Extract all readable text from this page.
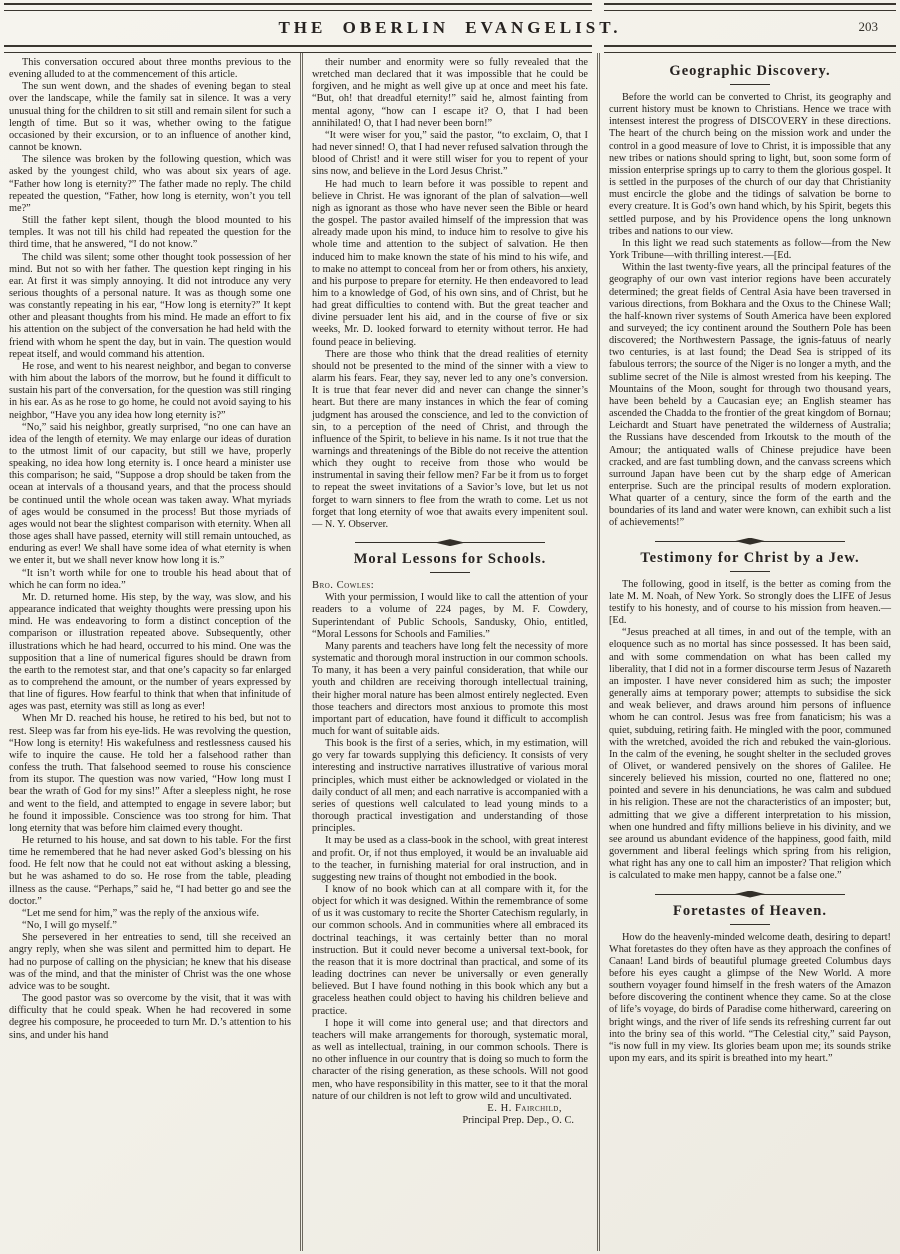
THE OBERLIN EVANGELIST.	203

This conversation occured about three months previous to the evening alluded to at the commencement of this article.

The sun went down, and the shades of evening began to steal over the landscape, while the family sat in silence. It was a very unusual thing for the children to sit still and remain silent for such a length of time. But so it was, whether owing to the fatigue occasioned by their excursion, or to an influence of another kind, cannot be known.

The silence was broken by the following question, which was asked by the youngest child, who was about six years of age. “Father how long is eternity?” The father made no reply. The child repeated the question, “Father, how long is eternity, won’t you tell me?”

Still the father kept silent, though the blood mounted to his temples. It was not till his child had repeated the question for the third time, that he answered, “I do not know.”

The child was silent; some other thought took possession of her mind. But not so with her father. The question kept ringing in his ear. At first it was simply annoying. It did not introduce any very serious thoughts of a personal nature. It was as though some one was constantly repeating in his ear, “How long is eternity?” It kept other and pleasant thoughts from his mind. He made an effort to fix his attention on the subject of the conversation he had held with the friend with whom he spent the day, but in vain. The question would repeat itself, and would command his attention.

He rose, and went to his nearest neighbor, and began to converse with him about the labors of the morrow, but he found it difficult to sustain his part of the conversation, for the question was still ringing in his ear. As as he rose to go home, he could not avoid saying to his neighbor, “Have you any idea how long eternity is?”

“No,” said his neighbor, greatly surprised, “no one can have an idea of the length of eternity. We may enlarge our ideas of duration to the utmost limit of our capacity, but still we have, properly speaking, no idea how long eternity is. I once heard a minister use this comparison; he said, “Suppose a drop should be taken from the ocean at intervals of a thousand years, and that the process should be continued until the whole ocean was taken away. What myriads of ages would be consumed in the process! But those myriads of ages would not bear the slightest comparison with eternity. When all those ages shall have passed, eternity will still remain untouched, as enduring as ever! We shall have some idea of what eternity is when we enter it, but we shall never know how long it is.”

“It isn’t worth while for one to trouble his head about that of which he can form no idea.”

Mr. D. returned home. His step, by the way, was slow, and his appearance indicated that weighty thoughts were pressing upon his mind. He was endeavoring to form a distinct conception of the comparison or illustration repeated above. Subsequently, other illustrations which he had heard, occurred to his mind. One was the supposition that a line of numerical figures should be drawn from the earth to the remotest star, and that one’s capacity so far enlarged as to comprehend the amount, or the number of years expressed by that line of figures. How fearful to think that when that infinitude of ages was past, eternity was still as long as ever!

When Mr D. reached his house, he retired to his bed, but not to rest. Sleep was far from his eye-lids. He was revolving the question, “How long is eternity! His wakefulness and restlessness caused his wife to inquire the cause. He told her a falsehood rather than confess the truth. That falsehood seemed to rouse his conscience from its stupor. The question was now varied, “How long must I bear the wrath of God for my sins!” After a sleepless night, he rose and went to the field, and attempted to engage in severe labor; but he found it impossible. Conscience was too strong for him. That long eternity that was before him claimed every thought.

He returned to his house, and sat down to his table. For the first time he remembered that he had never asked God’s blessing on his food. He felt now that he could not eat without asking a blessing, but he was ashamed to do so. He rose from the table, pleading illness as the cause. “Perhaps,” said he, “I had better go and see the doctor.”

“Let me send for him,” was the reply of the anxious wife.

“No, I will go myself.”

She persevered in her entreaties to send, till she received an angry reply, when she was silent and permitted him to depart. He had no purpose of calling on the physician; he knew that his disease was of the mind, and that the minister of Christ was the one whose advice was to be sought.

The good pastor was so overcome by the visit, that it was with difficulty that he could speak. When he had recovered in some degree his composure, he proceeded to turn Mr. D.’s attention to his sins, and under his hand

their number and enormity were so fully revealed that the wretched man declared that it was impossible that he could be forgiven, and he might as well give up at once and meet his fate. “But, oh! that dreadful eternity!” said he, almost fainting from mental agony, “how can I escape it? O, that I had been annihilated! O, that I had never been born!”

“It were wiser for you,” said the pastor, “to exclaim, O, that I had never sinned! O, that I had never refused salvation through the blood of Christ! and it were still wiser for you to repent of your sins now, and believe in the Lord Jesus Christ.”

He had much to learn before it was possible to repent and believe in Christ. He was ignorant of the plan of salvation—well nigh as ignorant as those who have never seen the Bible or heard the gospel. The pastor availed himself of the impression that was already made upon his mind, to induce him to resolve to give his whole time and attention to the subject of salvation. He then induced him to make known the state of his mind to his wife, and to make no attempt to conceal from her or from others, his anxiety, and his purpose to prepare for eternity. He then endeavored to lead him to a knowledge of God, of his own sins, and of Christ, but he had great difficulties to contend with. But the great teacher and divine persuader lent his aid, and in the course of five or six weeks, Mr. D. looked forward to eternity without terror. He had found peace in believing.

There are those who think that the dread realities of eternity should not be presented to the mind of the sinner with a view to alarm his fears. Fear, they say, never led to any one’s conversion. It is true that fear never did and never can change the sinner’s heart. But there are many instances in which the fear of coming judgment has aroused the conscience, and led to the conviction of sin, to a perception of the need of Christ, and through the influence of the Spirit, to believe in his name. Is it not true that the warnings and threatenings of the Bible do not receive the attention which they ought to receive from those who would be instrumental in saving their fellow men? Far be it from us to forget to repeat the sweet invitations of a Savior’s love, but let us not forget to warn sinners to flee from the wrath to come. Let us not forget that long eternity of woe that awaits every impenitent soul.— N. Y. Observer.

Moral Lessons for Schools.

Bro. Cowles:

With your permission, I would like to call the attention of your readers to a volume of 224 pages, by M. F. Cowdery, Superintendant of Public Schools, Sandusky, Ohio, entitled, “Moral Lessons for Schools and Families.”

Many parents and teachers have long felt the necessity of more systematic and thorough moral instruction in our common schools. To many, it has been a very painful consideration, that while our youth and children are receiving thorough intellectual training, their higher moral nature has been almost entirely neglected. Even those teachers and directors most anxious to promote this most important part of education, have found it difficult to accomplish much for want of suitable aids.

This book is the first of a series, which, in my estimation, will go very far towards supplying this deficiency. It consists of very interesting and instructive narratives illustrative of various moral principles, which must either be acknowledged or violated in the daily conduct of all men; and each narrative is accompanied with a series of questions well calculated to lead young minds to a thorough practical investigation and understanding of those principles.

It may be used as a class-book in the school, with great interest and profit. Or, if not thus employed, it would be an invaluable aid to the teacher, in furnishing material for oral instruction, and in suggesting new trains of thought not embodied in the book.

I know of no book which can at all compare with it, for the object for which it was designed. Within the remembrance of some of us it was customary to recite the Shorter Catechism regularly, in our common schools. And in communities where all embraced its doctrinal teachings, it was certainly better than no moral instruction. But it could never become a universal text-book, for the reason that it is more doctrinal than practical, and some of its leading doctrines can never be universally or even generally believed. But I have found nothing in this book which any but a graceless heathen could object to having his children believe and practice.

I hope it will come into general use; and that directors and teachers will make arrangements for thorough, systematic moral, as well as intellectual, training, in our common schools. There is no other influence in our country that is doing so much to form the character of the rising generation, as these schools. Will not good men, who have responsibility in this matter, see to it that the moral nature of our children is not left to grow wild and uncultivated.

E. H. Fairchild,

Principal Prep. Dep., O. C.

Geographic Discovery.

Before the world can be converted to Christ, its geography and current history must be known to Christians. Hence we trace with intensest interest the progress of DISCOVERY in these directions. The heart of the church being on the mission work and under the control in a good measure of love to Christ, it is impossible that any new tribes or nations should spring to light, but, soon some form of mission enterprise springs up to carry to them the glorious gospel. It is settled in the purposes of the church of our day that Christianity must encircle the globe and the tidings of salvation be borne to every creature. It is God’s own hand which, by his Spirit, begets this settled purpose, and by his Providence opens the long unknown tribes and nations to our view.

In this light we read such statements as follow—from the New York Tribune—with thrilling interest.—[Ed.

Within the last twenty-five years, all the principal features of the geography of our own vast interior regions have been accurately determined; the great fields of Central Asia have been traversed in various directions, from Bokhara and the Oxus to the Chinese Wall; the half-known river systems of South America have been explored and surveyed; the icy continent around the Southern Pole has been discovered; the Northwestern Passage, the ignis-fatuus of nearly two centuries, is at last found; the Dead Sea is stripped of its fabulous terrors; the source of the Niger is no longer a myth, and the sublime secret of the Nile is almost wrested from his keeping. The Mountains of the Moon, sought for through two thousand years, have been beheld by a Caucasian eye; an English steamer has ascended the Chadda to the frontier of the great kingdom of Bornau; Leichardt and Stuart have penetrated the wilderness of Australia; the Russians have descended from Irkoutsk to the mouth of the Amour; the antiquated walls of Chinese prejudice have been cracked, and are fast tumbling down, and the canvass screens which surround Japan have been cut by the sharp edge of American enterprise. Such are the principal results of modern exploration. What quarter of a century, since the form of the earth and the boundaries of its land and water were known, can exhibit such a list of achievements!”

Testimony for Christ by a Jew.

The following, good in itself, is the better as coming from the late M. M. Noah, of New York. So strongly does the LIFE of Jesus testify to his honesty, and of course to his mission from heaven.—[Ed.

“Jesus preached at all times, in and out of the temple, with an eloquence such as no mortal has since possessed. It has been said, and with some commendation on what has been called my liberality, that I did not in a former discourse term Jesus of Nazareth an imposter. I have never considered him as such; the imposter generally aims at temporary power; attempts to subsidise the sick and weak believer, and draws around him persons of influence whom he can control. Jesus was free from fanaticism; his was a quiet, subduing, retiring faith. He mingled with the poor, communed with the wretched, avoided the rich and rebuked the vain-glorious. In the calm of the evening, he sought shelter in the secluded groves of Olivet, or wandered pensively on the shores of Galilee. He sincerely believed his mission, courted no one, flattered no one; pointed and severe in his denunciations, he was calm and subdued in his religion. These are not the characteristics of an imposter; but, admitting that we give a different interpretation to his mission, when one hundred and fifty millions believe in his divinity, and we see around us abundant evidence of the happiness, good faith, mild government and liberal feelings which spring from his religion, what right has any one to call him an imposter? That religion which is calculated to make men happy, cannot be a false one.”

Foretastes of Heaven.

How do the heavenly-minded welcome death, desiring to depart! What foretastes do they often have as they approach the confines of Canaan! Land birds of beautiful plumage greeted Columbus days before his eyes caught a glimpse of the New World. A more southern voyager found himself in the fresh waters of the Amazon before discovering the continent whence they came. So at the close of life’s voyage, do birds of Paradise come hitherward, careering on bright wings, and the river of life sends its refreshing current far out into the briny sea of this world. “The Celestial city,” said Payson, “is now full in my view. Its glories beam upon me; its sounds strike upon my ears, and its spirit is breathed into my heart.”
